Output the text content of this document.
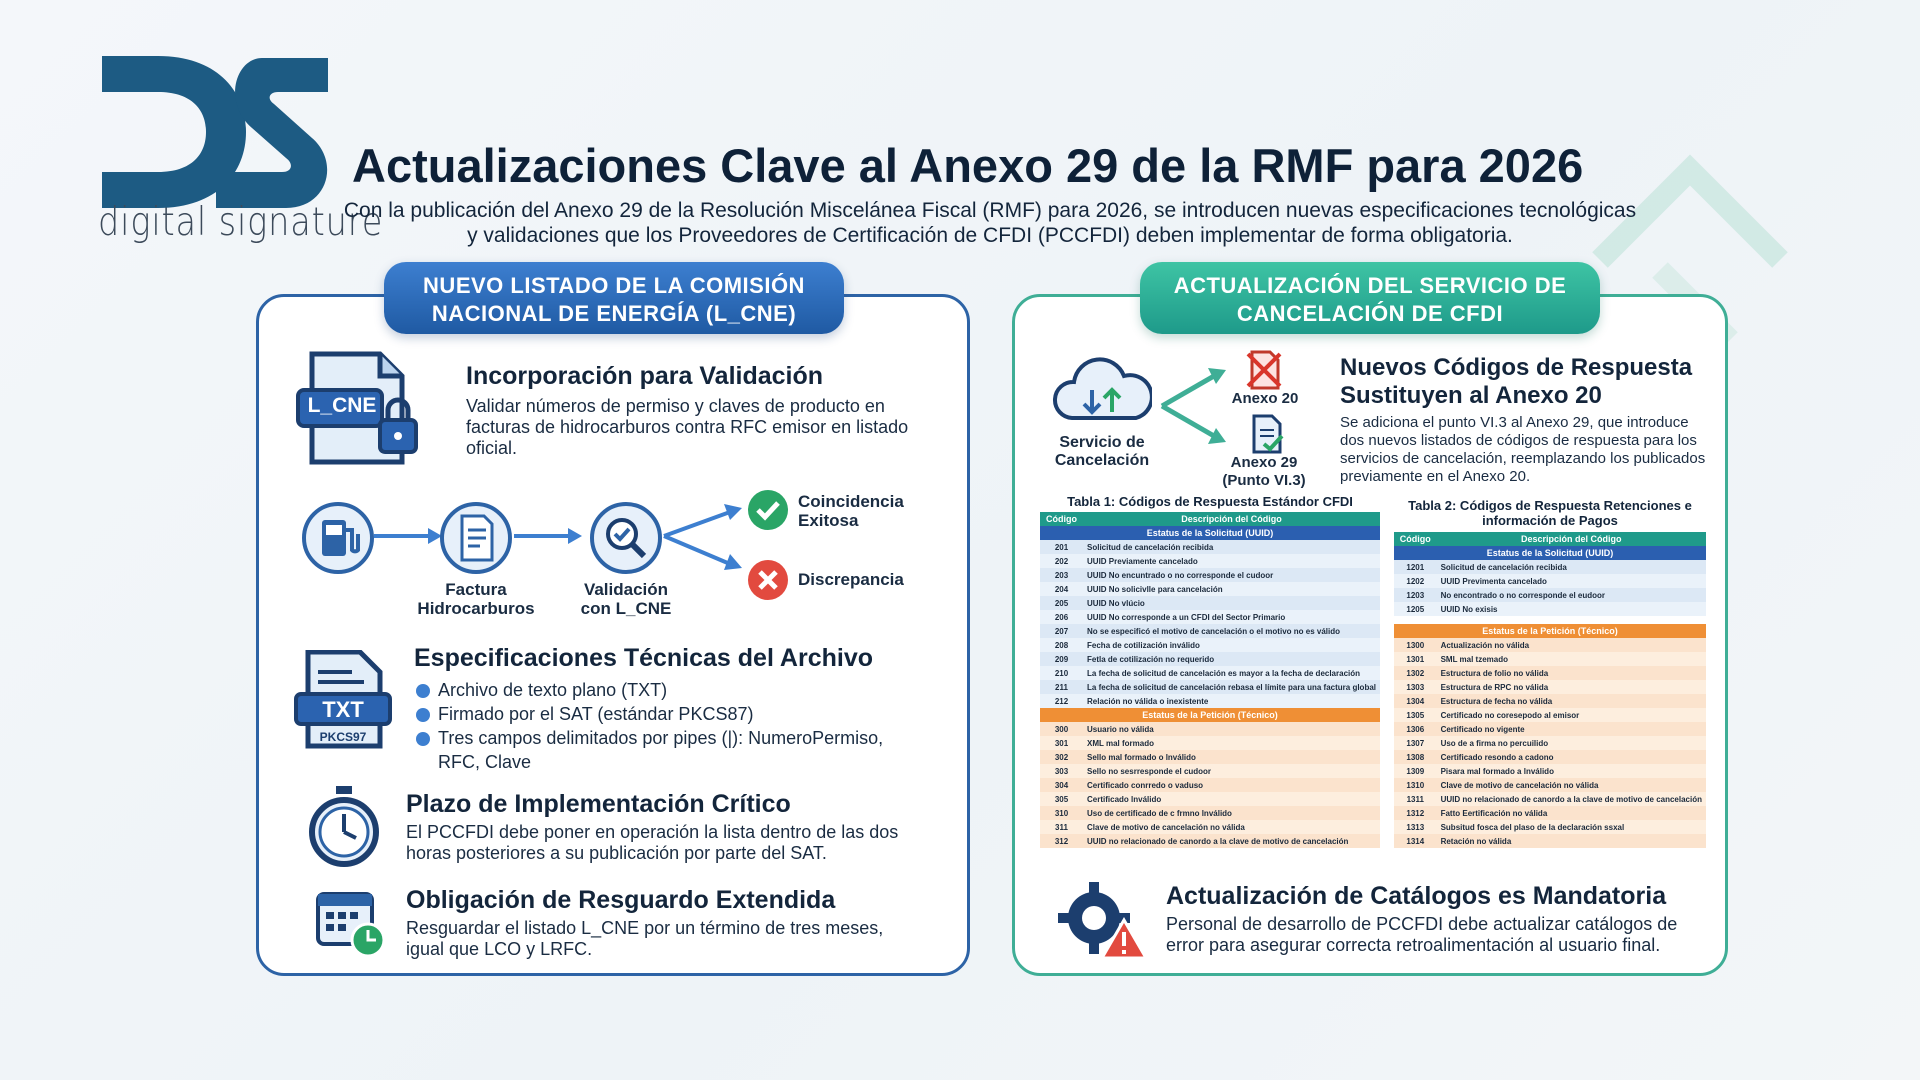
digital signature
Actualizaciones Clave al Anexo 29 de la RMF para 2026
Con la publicación del Anexo 29 de la Resolución Miscelánea Fiscal (RMF) para 2026, se introducen nuevas especificaciones tecnológicas
y validaciones que los Proveedores de Certificación de CFDI (PCCFDI) deben implementar de forma obligatoria.
NUEVO LISTADO DE LA COMISIÓN
NACIONAL DE ENERGÍA (L_CNE)
L_CNE
Incorporación para Validación
Validar números de permiso y claves de producto en facturas de hidrocarburos contra RFC emisor en listado oficial.
Factura
Hidrocarburos
Validación
con L_CNE
Coincidencia
Exitosa
Discrepancia
TXT
PKCS97
Especificaciones Técnicas del Archivo
Archivo de texto plano (TXT)
Firmado por el SAT (estándar PKCS87)
Tres campos delimitados por pipes (|): NumeroPermiso, RFC, Clave
Plazo de Implementación Crítico
El PCCFDI debe poner en operación la lista dentro de las dos horas posteriores a su publicación por parte del SAT.
Obligación de Resguardo Extendida
Resguardar el listado L_CNE por un término de tres meses, igual que LCO y LRFC.
ACTUALIZACIÓN DEL SERVICIO DE
CANCELACIÓN DE CFDI
Servicio de
Cancelación
Anexo 20
Anexo 29
(Punto VI.3)
Nuevos Códigos de Respuesta
Sustituyen al Anexo 20
Se adiciona el punto VI.3 al Anexo 29, que introduce dos nuevos listados de códigos de respuesta para los servicios de cancelación, reemplazando los publicados previamente en el Anexo 20.
Tabla 1: Códigos de Respuesta Estándor CFDI
Código	Descripción del Código
Estatus de la Solicitud (UUID)	
201	Solicitud de cancelación recibida
202	UUID Previamente cancelado
203	UUID No encuntrado o no corresponde el cudoor
204	UUID No solicivlle para cancelación
205	UUID No vlúcio
206	UUID No corresponde a un CFDI del Sector Primario
207	No se especificó el motivo de cancelación o el motivo no es válido
208	Fecha de cotilización inválido
209	Fetla de cotilización no requerido
210	La fecha de solicitud de cancelación es mayor a la fecha de declaración
211	La fecha de solicitud de cancelación rebasa el límite para una factura global
212	Relación no válida o inexistente
Estatus de la Petición (Técnico)	
300	Usuario no válida
301	XML mal formado
302	Sello mal formado o lnválido
303	Sello no sesrresponde el cudoor
304	Certificado conrredo o vaduso
305	Certificado lnválido
310	Uso de certificado de c frmno lnválido
311	Clave de motivo de cancelación no válida
312	UUID no relacionado de canordo a la clave de motivo de cancelación
Tabla 2: Códigos de Respuesta Retenciones e
información de Pagos
Código	Descripción del Código
Estatus de la Solicitud (UUID)	
1201	Solicitud de cancelación recibida
1202	UUID Previmenta cancelado
1203	No encontrado o no corresponde el eudoor
1205	UUID No exisis

Estatus de la Petición (Técnico)	
1300	Actualización no válida
1301	SML mal tzemado
1302	Estructura de folio no válida
1303	Estructura de RPC no válida
1304	Estructura de fecha no válida
1305	Certificado no coresepodo al emisor
1306	Certificado no vigente
1307	Uso de a firma no percuilido
1308	Certificado resondo a cadono
1309	Pisara mal formado a lnválido
1310	Clave de motivo de cancelación no válida
1311	UUID no relacionado de canordo a la clave de motivo de cancelación
1312	Fatto Eertificación no válida
1313	Subsitud fosca del plaso de la declaración ssxal
1314	Retación no válida
Actualización de Catálogos es Mandatoria
Personal de desarrollo de PCCFDI debe actualizar catálogos de error para asegurar correcta retroalimentación al usuario final.
